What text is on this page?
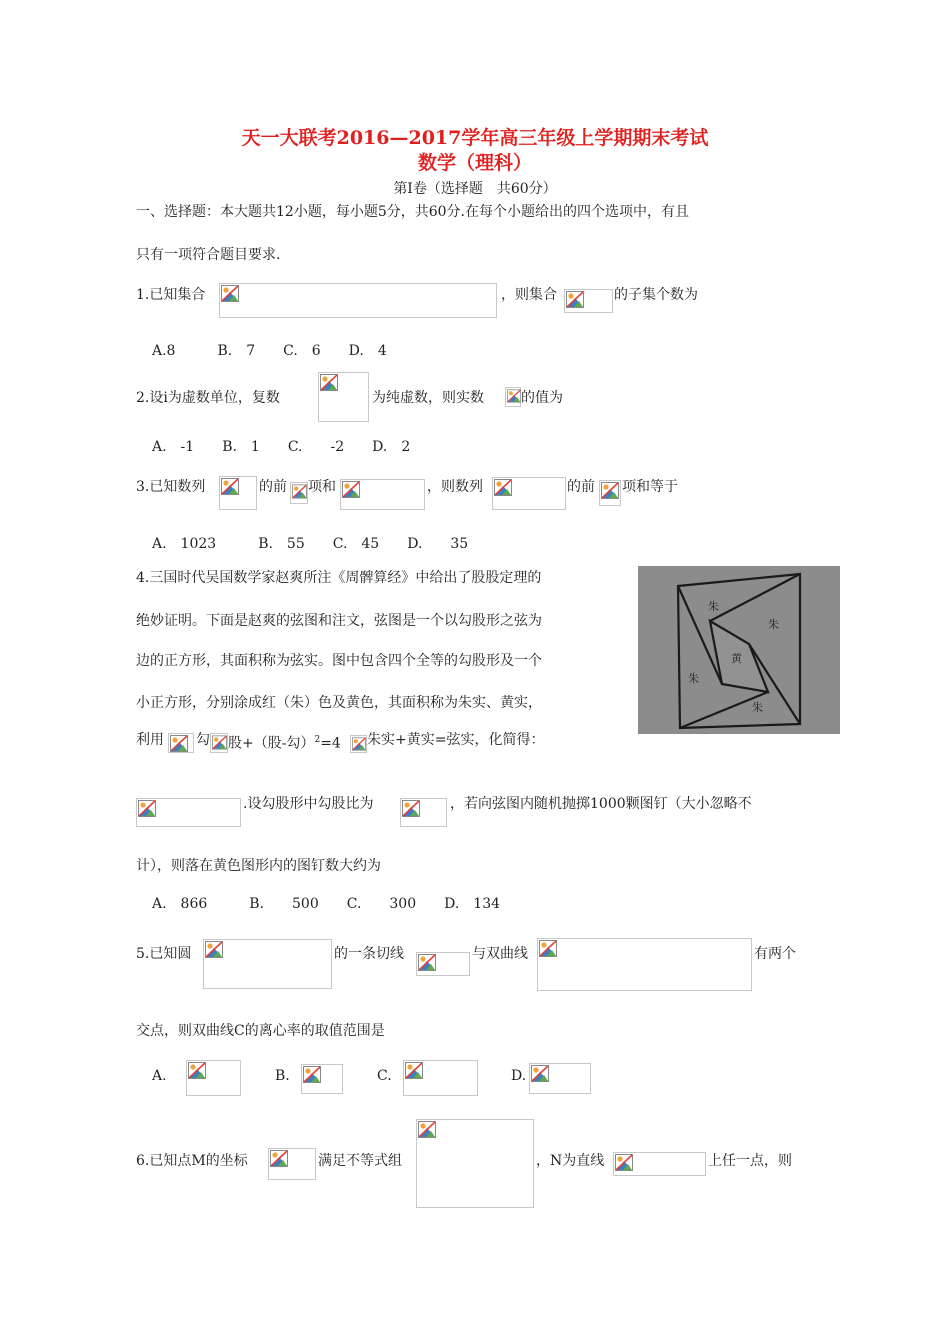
天一大联考2016—2017学年高三年级上学期期末考试
数学（理科）
第Ⅰ卷（选择题　共60分）
一、选择题：本大题共12小题，每小题5分，共60分.在每个小题给出的四个选项中，有且
只有一项符合题目要求.
1.已知集合	，则集合	的子集个数为
A.8　　　B.　7　　C.　6　　D.　4
2.设i为虚数单位，复数	为纯虚数，则实数	的值为
A.　-1　　B.　1　　C.　　-2　　D.　2
3.已知数列	的前 项和	，则数列	的前 项和等于
A.　1023　　　B.　55　　C.　45　　D.　　35
4.三国时代吴国数学家赵爽所注《周髀算经》中给出了股股定理的
绝妙证明。下面是赵爽的弦图和注文，弦图是一个以勾股形之弦为
边的正方形，其面积称为弦实。图中包含四个全等的勾股形及一个
小正方形，分别涂成红（朱）色及黄色，其面积称为朱实、黄实，
利用 勾 股+（股-勾）$^2$=4 朱实+黄实=弦实，化简得：
.设勾股形中勾股比为	，若向弦图内随机抛掷1000颗图钉（大小忽略不
计），则落在黄色图形内的图钉数大约为
A.　866　　　B.　　500　　C.　　300　　D.　134
朱
朱
黄
朱
朱
5.已知圆	的一条切线	与双曲线	有两个
交点，则双曲线C的离心率的取值范围是
A.	B.	C.	D.
6.已知点M的坐标	满足不等式组	，N为直线	上任一点，则
